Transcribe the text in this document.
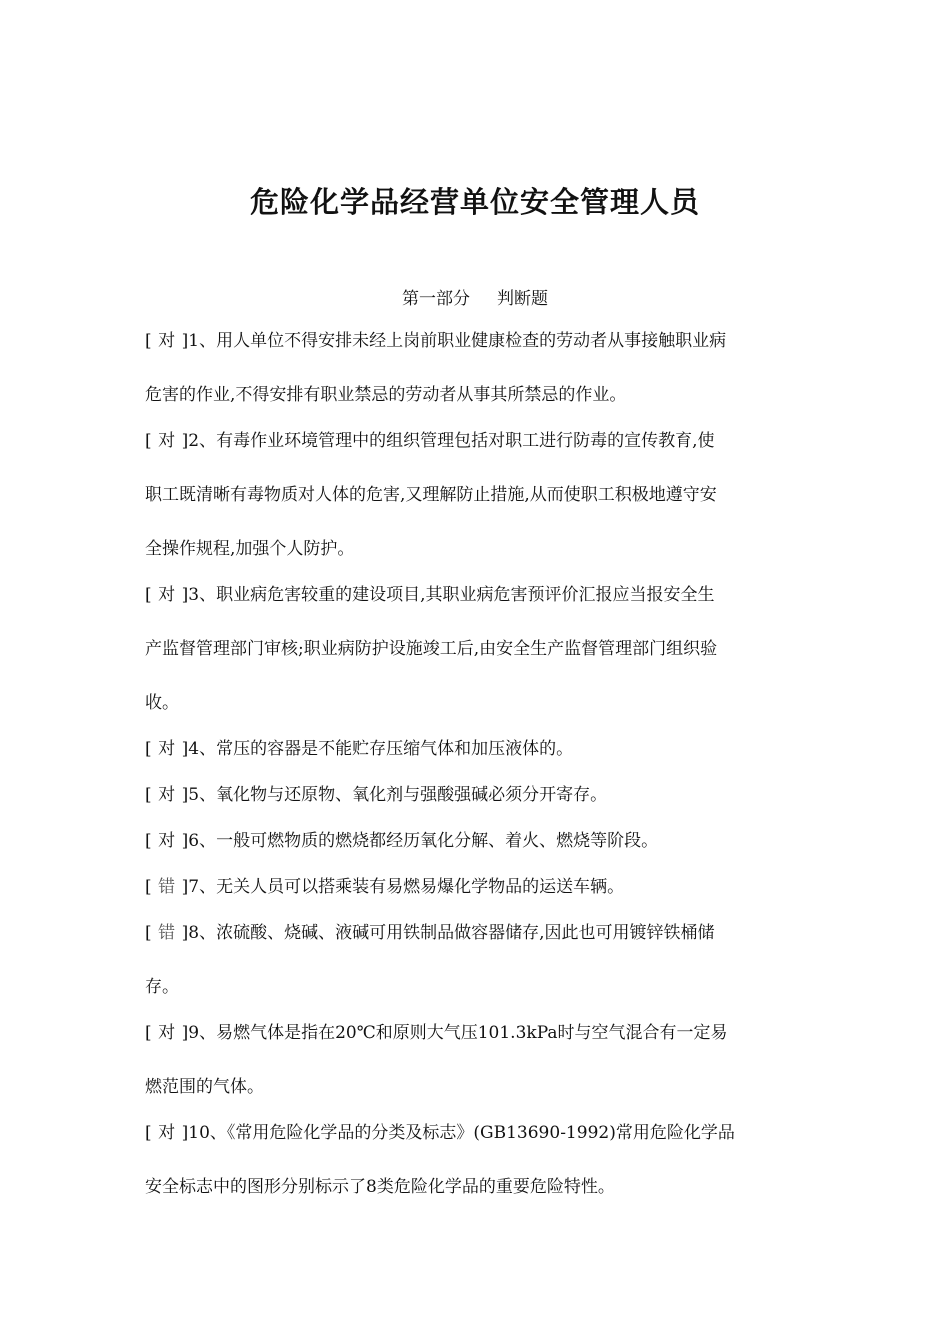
危险化学品经营单位安全管理人员
第一部分     判断题
[ 对 ]1、用人单位不得安排未经上岗前职业健康检查的劳动者从事接触职业病
危害的作业,不得安排有职业禁忌的劳动者从事其所禁忌的作业。
[ 对 ]2、有毒作业环境管理中的组织管理包括对职工进行防毒的宣传教育,使
职工既清晰有毒物质对人体的危害,又理解防止措施,从而使职工积极地遵守安
全操作规程,加强个人防护。
[ 对 ]3、职业病危害较重的建设项目,其职业病危害预评价汇报应当报安全生
产监督管理部门审核;职业病防护设施竣工后,由安全生产监督管理部门组织验
收。
[ 对 ]4、常压的容器是不能贮存压缩气体和加压液体的。
[ 对 ]5、氧化物与还原物、氧化剂与强酸强碱必须分开寄存。
[ 对 ]6、一般可燃物质的燃烧都经历氧化分解、着火、燃烧等阶段。
[ 错 ]7、无关人员可以搭乘装有易燃易爆化学物品的运送车辆。
[ 错 ]8、浓硫酸、烧碱、液碱可用铁制品做容器储存,因此也可用镀锌铁桶储
存。
[ 对 ]9、易燃气体是指在20℃和原则大气压101.3kPa时与空气混合有一定易
燃范围的气体。
[ 对 ]10、《常用危险化学品的分类及标志》(GB13690-1992)常用危险化学品
安全标志中的图形分别标示了8类危险化学品的重要危险特性。
